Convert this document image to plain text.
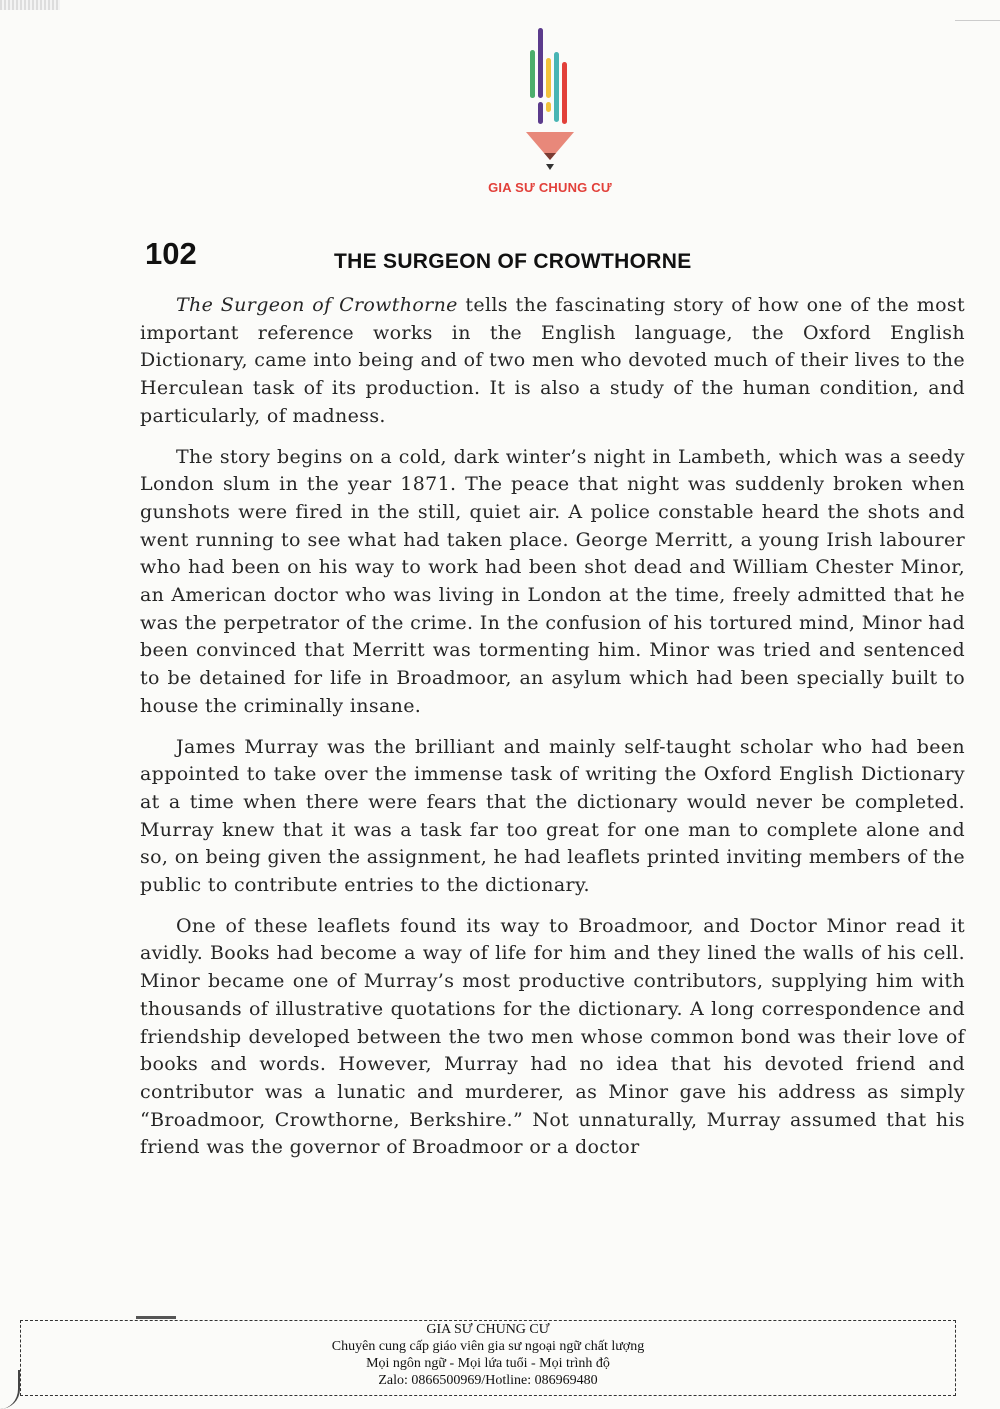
GIA SƯ CHUNG CƯ
102	THE SURGEON OF CROWTHORNE

The Surgeon of Crowthorne tells the fascinating story of how one of the most important reference works in the English language, the Oxford English Dictionary, came into being and of two men who devoted much of their lives to the Herculean task of its production. It is also a study of the human condition, and particularly, of madness.

The story begins on a cold, dark winter’s night in Lambeth, which was a seedy London slum in the year 1871. The peace that night was suddenly broken when gunshots were fired in the still, quiet air. A police constable heard the shots and went running to see what had taken place. George Merritt, a young Irish labourer who had been on his way to work had been shot dead and William Chester Minor, an American doctor who was living in London at the time, freely admitted that he was the perpetrator of the crime. In the confusion of his tortured mind, Minor had been convinced that Merritt was tormenting him. Minor was tried and sentenced to be detained for life in Broadmoor, an asylum which had been specially built to house the criminally insane.

James Murray was the brilliant and mainly self-taught scholar who had been appointed to take over the immense task of writing the Oxford English Dictionary at a time when there were fears that the dictionary would never be completed. Murray knew that it was a task far too great for one man to complete alone and so, on being given the assignment, he had leaflets printed inviting members of the public to contribute entries to the dictionary.

One of these leaflets found its way to Broadmoor, and Doctor Minor read it avidly. Books had become a way of life for him and they lined the walls of his cell. Minor became one of Murray’s most productive contributors, supplying him with thousands of illustrative quotations for the dictionary. A long correspondence and friendship developed between the two men whose common bond was their love of books and words. However, Murray had no idea that his devoted friend and contributor was a lunatic and murderer, as Minor gave his address as simply “Broadmoor, Crowthorne, Berkshire.” Not unnaturally, Murray assumed that his friend was the governor of Broadmoor or a doctor

GIA SƯ CHUNG CƯ
Chuyên cung cấp giáo viên gia sư ngoại ngữ chất lượng
Mọi ngôn ngữ - Mọi lứa tuổi - Mọi trình độ
Zalo: 0866500969/Hotline: 086969480
